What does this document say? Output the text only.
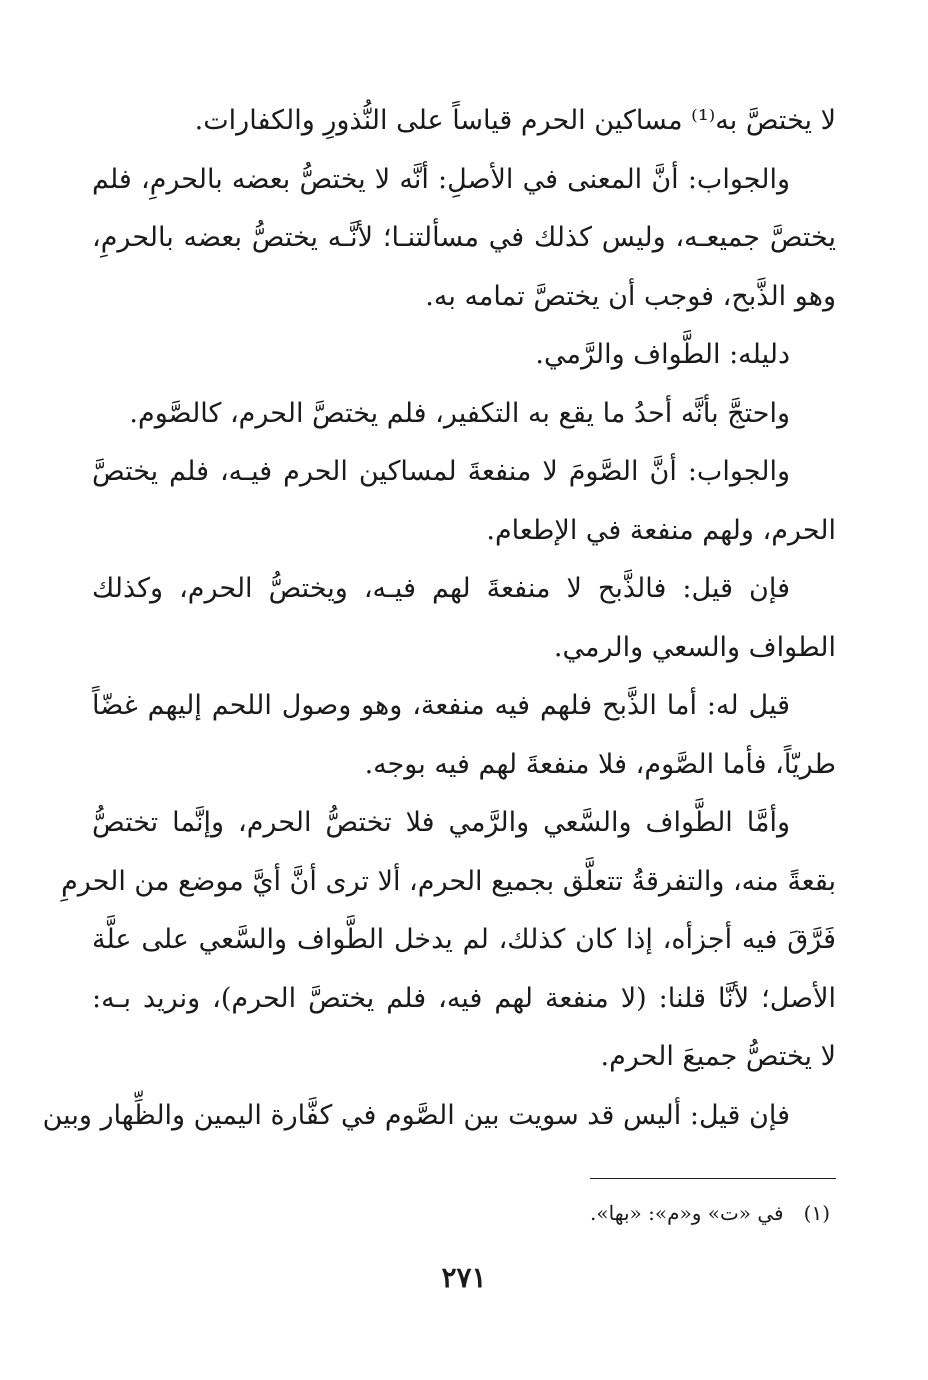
لا يختصَّ به⁽¹⁾ مساكين الحرم قياساً على النُّذورِ والكفارات.
والجواب: أنَّ المعنى في الأصلِ: أنَّه لا يختصُّ بعضه بالحرمِ، فلم
يختصَّ جميعـه، وليس كذلك في مسألتنـا؛ لأنَّـه يختصُّ بعضه بالحرمِ،
وهو الذَّبح، فوجب أن يختصَّ تمامه به.
دليله: الطَّواف والرَّمي.
واحتجَّ بأنَّه أحدُ ما يقع به التكفير، فلم يختصَّ الحرم، كالصَّوم.
والجواب: أنَّ الصَّومَ لا منفعةَ لمساكين الحرم فيـه، فلم يختصَّ
الحرم، ولهم منفعة في الإطعام.
فإن قيل: فالذَّبح لا منفعةَ لهم فيـه، ويختصُّ الحرم، وكذلك
الطواف والسعي والرمي.
قيل له: أما الذَّبح فلهم فيه منفعة، وهو وصول اللحم إليهم غضّاً
طريّاً، فأما الصَّوم، فلا منفعةَ لهم فيه بوجه.
وأمَّا الطَّواف والسَّعي والرَّمي فلا تختصُّ الحرم، وإنَّما تختصُّ
بقعةً منه، والتفرقةُ تتعلَّق بجميع الحرم، ألا ترى أنَّ أيَّ موضع من الحرمِ
فَرَّقَ فيه أجزأه، إذا كان كذلك، لم يدخل الطَّواف والسَّعي على علَّة
الأصل؛ لأنَّا قلنا: (لا منفعة لهم فيه، فلم يختصَّ الحرم)، ونريد بـه:
لا يختصُّ جميعَ الحرم.
فإن قيل: أليس قد سويت بين الصَّوم في كفَّارة اليمين والظِّهار وبين
(١)في «ت» و«م»: «بها».
٢٧١
